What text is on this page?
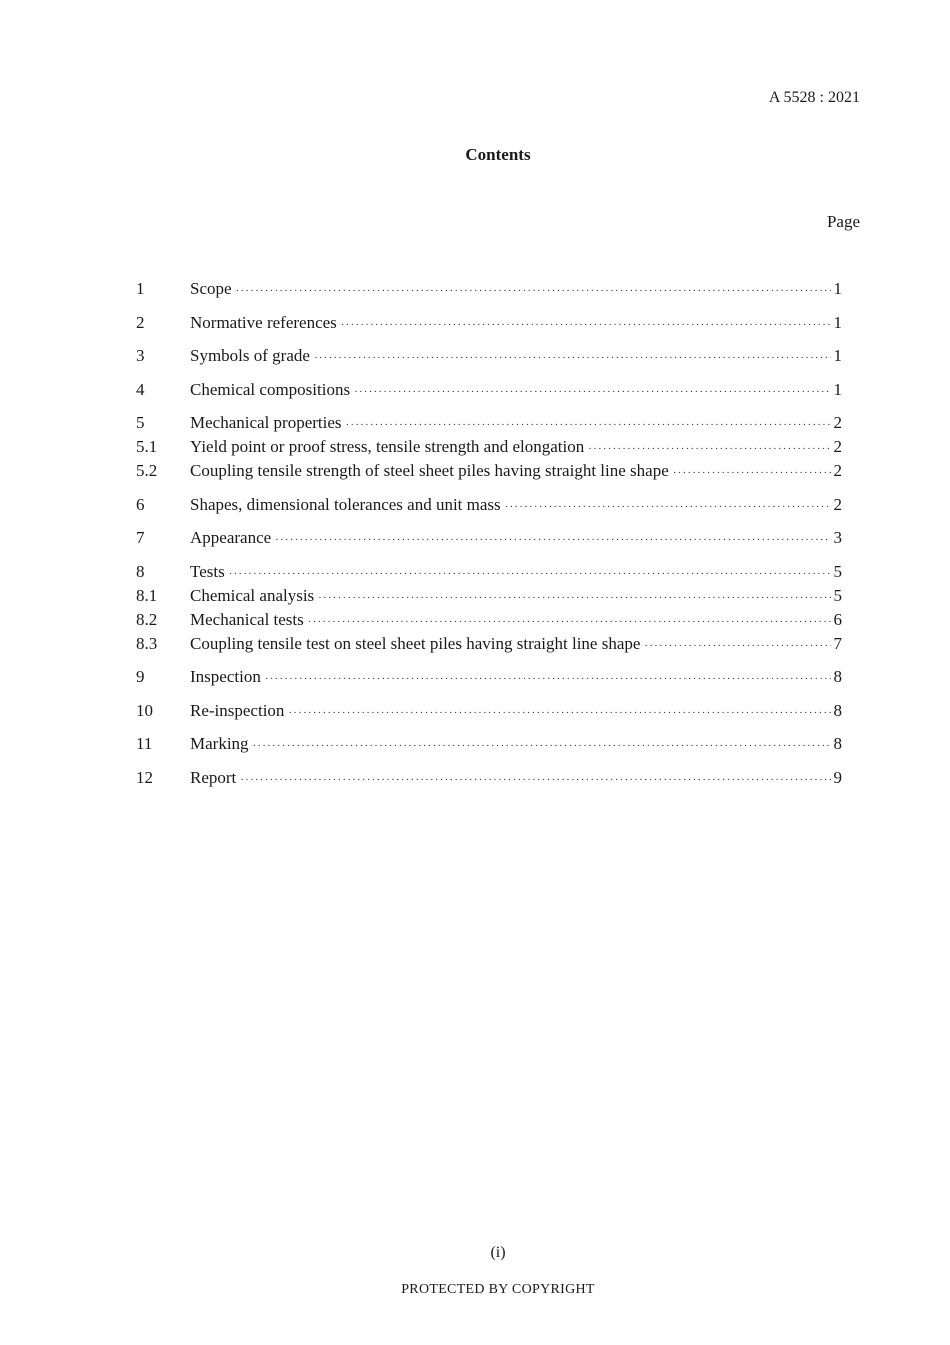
A 5528 : 2021
Contents
Page
1	Scope ·····	1
2	Normative references ·····	1
3	Symbols of grade ·····	1
4	Chemical compositions ·····	1
5	Mechanical properties ·····	2
5.1	Yield point or proof stress, tensile strength and elongation ·····	2
5.2	Coupling tensile strength of steel sheet piles having straight line shape ·····	2
6	Shapes, dimensional tolerances and unit mass ·····	2
7	Appearance ·····	3
8	Tests ·····	5
8.1	Chemical analysis ·····	5
8.2	Mechanical tests ·····	6
8.3	Coupling tensile test on steel sheet piles having straight line shape ·····	7
9	Inspection ·····	8
10	Re-inspection ·····	8
11	Marking ·····	8
12	Report ·····	9
(i)
PROTECTED BY COPYRIGHT
